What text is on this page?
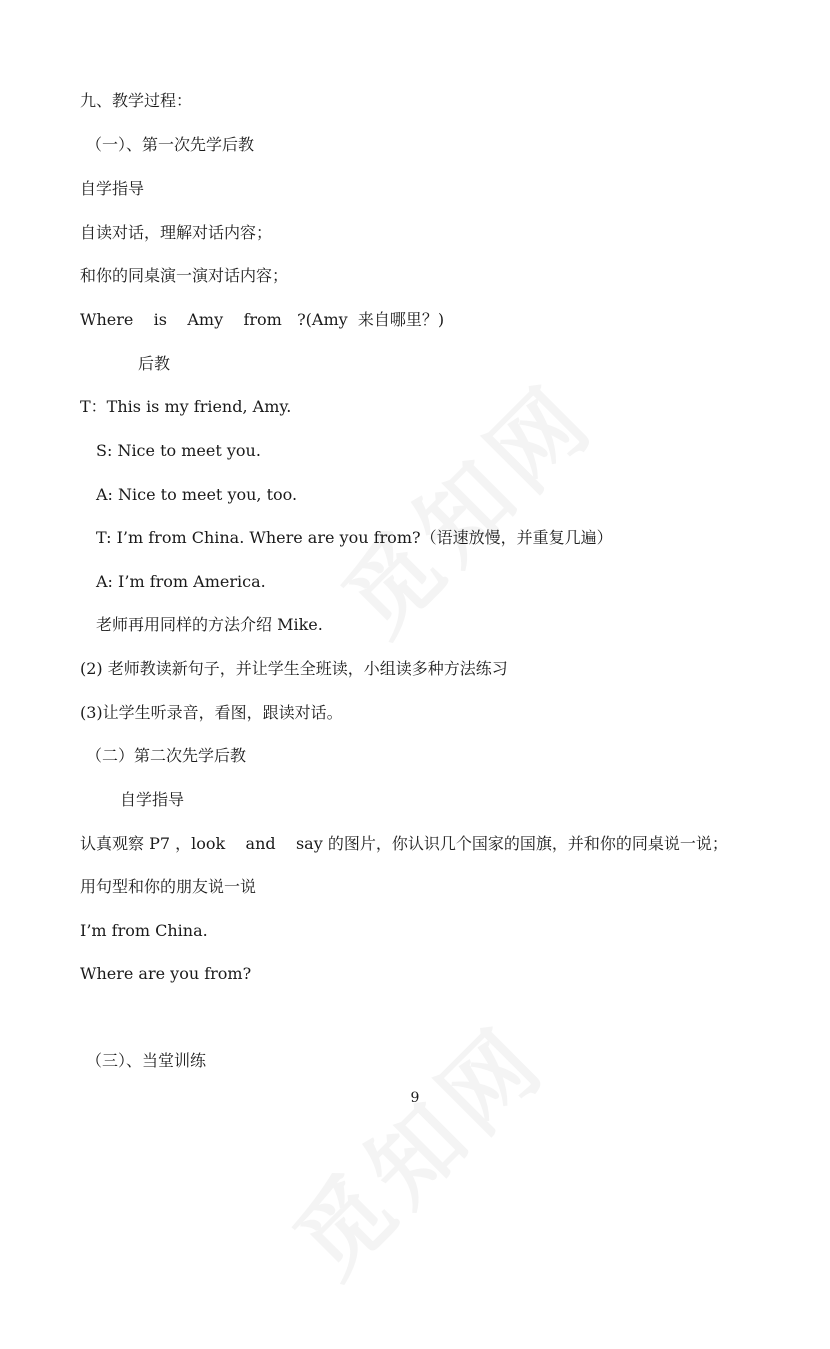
九、教学过程：
（一）、第一次先学后教
自学指导
自读对话，理解对话内容；
和你的同桌演一演对话内容；
Where    is    Amy    from   ?(Amy  来自哪里？)
后教
T：This is my friend, Amy.
S: Nice to meet you.
A: Nice to meet you, too.
T: I’m from China. Where are you from?（语速放慢，并重复几遍）
A: I’m from America.
老师再用同样的方法介绍 Mike.
(2) 老师教读新句子，并让学生全班读，小组读多种方法练习
(3)让学生听录音，看图，跟读对话。
（二）第二次先学后教
自学指导
认真观察 P7 ，look    and    say 的图片，你认识几个国家的国旗，并和你的同桌说一说；
用句型和你的朋友说一说
I’m from China.
Where are you from?
（三）、当堂训练
9
